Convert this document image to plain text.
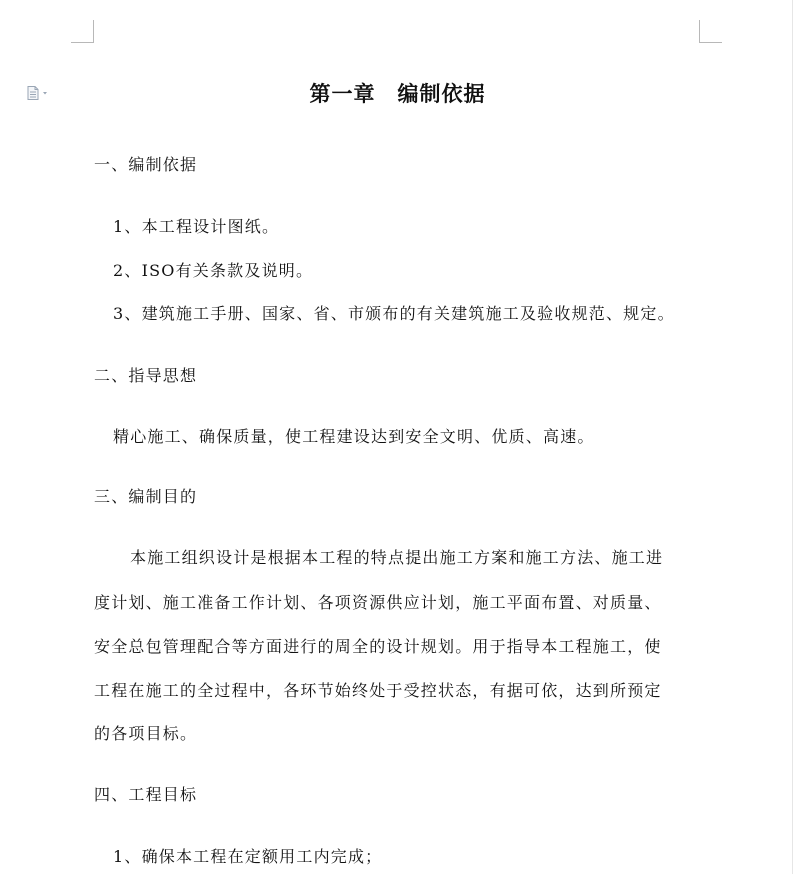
第一章　编制依据
一、编制依据
1、本工程设计图纸。
2、ISO有关条款及说明。
3、建筑施工手册、国家、省、市颁布的有关建筑施工及验收规范、规定。
二、指导思想
精心施工、确保质量，使工程建设达到安全文明、优质、高速。
三、编制目的
本施工组织设计是根据本工程的特点提出施工方案和施工方法、施工进
度计划、施工准备工作计划、各项资源供应计划，施工平面布置、对质量、
安全总包管理配合等方面进行的周全的设计规划。用于指导本工程施工，使
工程在施工的全过程中，各环节始终处于受控状态，有据可依，达到所预定
的各项目标。
四、工程目标
1、确保本工程在定额用工内完成；
